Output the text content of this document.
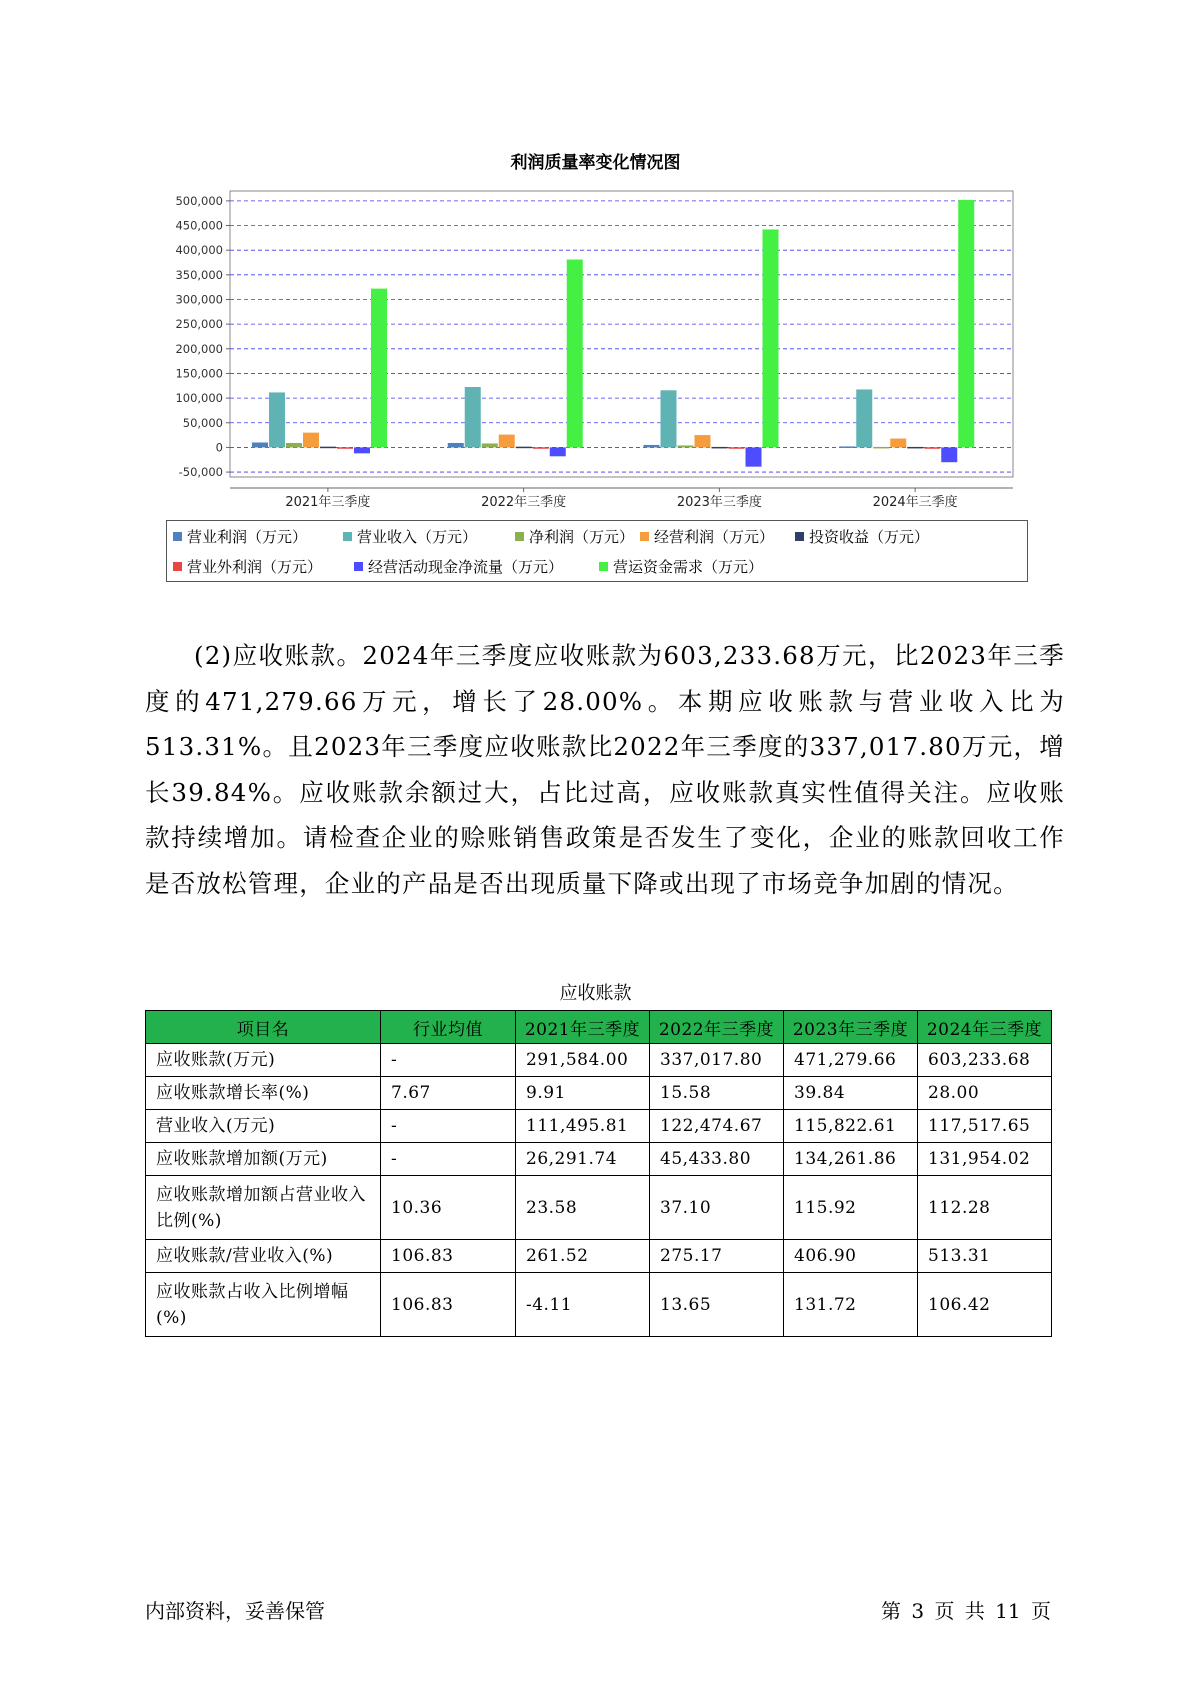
利润质量率变化情况图
-50,000
0
50,000
100,000
150,000
200,000
250,000
300,000
350,000
400,000
450,000
500,000
2021年三季度	2022年三季度	2023年三季度	2024年三季度
营业利润（万元）	营业收入（万元）	净利润（万元）	经营利润（万元）	投资收益（万元）
营业外利润（万元）	经营活动现金净流量（万元）	营运资金需求（万元）

(2)应收账款。2024年三季度应收账款为603,233.68万元，比2023年三季度的471,279.66万元，增长了28.00%。本期应收账款与营业收入比为513.31%。且2023年三季度应收账款比2022年三季度的337,017.80万元，增长39.84%。应收账款余额过大，占比过高，应收账款真实性值得关注。应收账款持续增加。请检查企业的赊账销售政策是否发生了变化，企业的账款回收工作是否放松管理，企业的产品是否出现质量下降或出现了市场竞争加剧的情况。

应收账款
项目名	行业均值	2021年三季度	2022年三季度	2023年三季度	2024年三季度
应收账款(万元)	-	291,584.00	337,017.80	471,279.66	603,233.68
应收账款增长率(%)	7.67	9.91	15.58	39.84	28.00
营业收入(万元)	-	111,495.81	122,474.67	115,822.61	117,517.65
应收账款增加额(万元)	-	26,291.74	45,433.80	134,261.86	131,954.02
应收账款增加额占营业收入比例(%)	10.36	23.58	37.10	115.92	112.28
应收账款/营业收入(%)	106.83	261.52	275.17	406.90	513.31
应收账款占收入比例增幅(%)	106.83	-4.11	13.65	131.72	106.42
内部资料，妥善保管	第 3 页 共 11 页
